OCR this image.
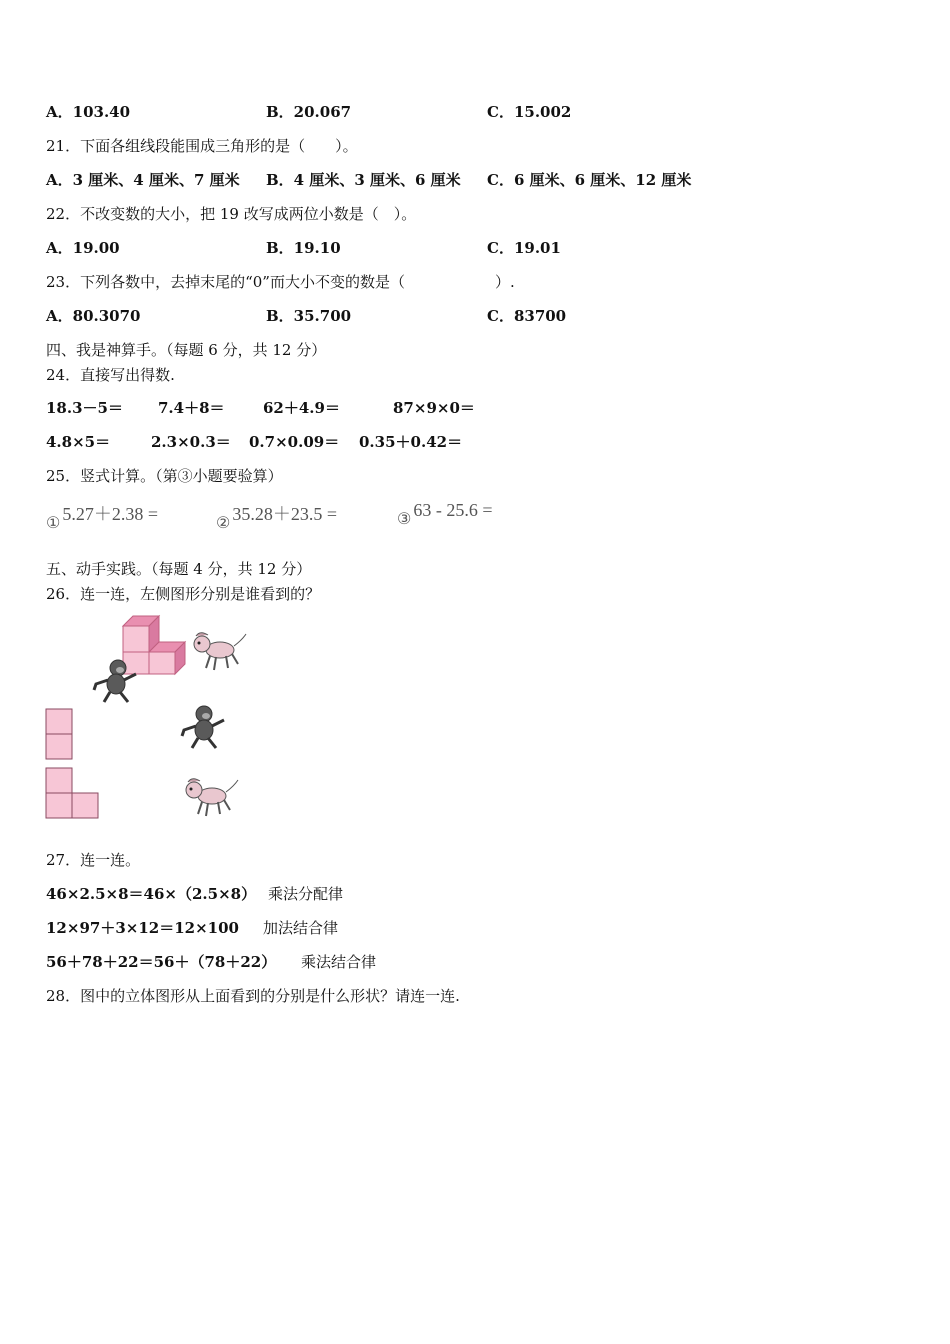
A．103.40	B．20.067	C．15.002
21．下面各组线段能围成三角形的是（　　）。
A．3 厘米、4 厘米、7 厘米 B．4 厘米、3 厘米、6 厘米 C．6 厘米、6 厘米、12 厘米
22．不改变数的大小，把 19 改写成两位小数是（　）。
A．19.00	B．19.10	C．19.01
23．下列各数中，去掉末尾的“0”而大小不变的数是（　　　　　　）.
A．80.3070	B．35.700	C．83700
四、我是神算手。（每题 6 分，共 12 分）
24．直接写出得数.
18.3－5＝ 7.4＋8＝	62＋4.9＝	87×9×0＝
4.8×5＝	2.3×0.3＝ 0.7×0.09＝ 0.35＋0.42＝
25．竖式计算。（第③小题要验算）
① 5.27＋2.38 =	② 35.28＋23.5 =	③ 63 - 25.6 =
五、动手实践。（每题 4 分，共 12 分）
26．连一连，左侧图形分别是谁看到的？
27．连一连。
46×2.5×8＝46×（2.5×8） 乘法分配律
12×97＋3×12＝12×100 加法结合律
56＋78＋22＝56＋（78＋22） 乘法结合律
28．图中的立体图形从上面看到的分别是什么形状？请连一连.
